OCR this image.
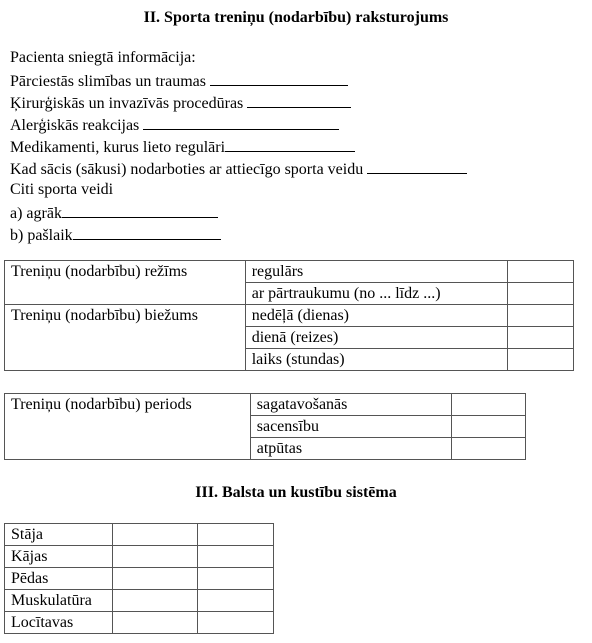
II. Sporta treniņu (nodarbību) raksturojums
Pacienta sniegtā informācija:
Pārciestās slimības un traumas
Ķirurģiskās un invazīvās procedūras
Alerģiskās reakcijas
Medikamenti, kurus lieto regulāri
Kad sācis (sākusi) nodarboties ar attiecīgo sporta veidu
Citi sporta veidi
a) agrāk
b) pašlaik
Treniņu (nodarbību) režīms	regulārs	
	ar pārtraukumu (no ... līdz ...)	
Treniņu (nodarbību) biežums	nedēļā (dienas)	
	dienā (reizes)	
	laiks (stundas)	
Treniņu (nodarbību) periods	sagatavošanās	
	sacensību	
	atpūtas	
III. Balsta un kustību sistēma
Stāja		
Kājas		
Pēdas		
Muskulatūra		
Locītavas		
